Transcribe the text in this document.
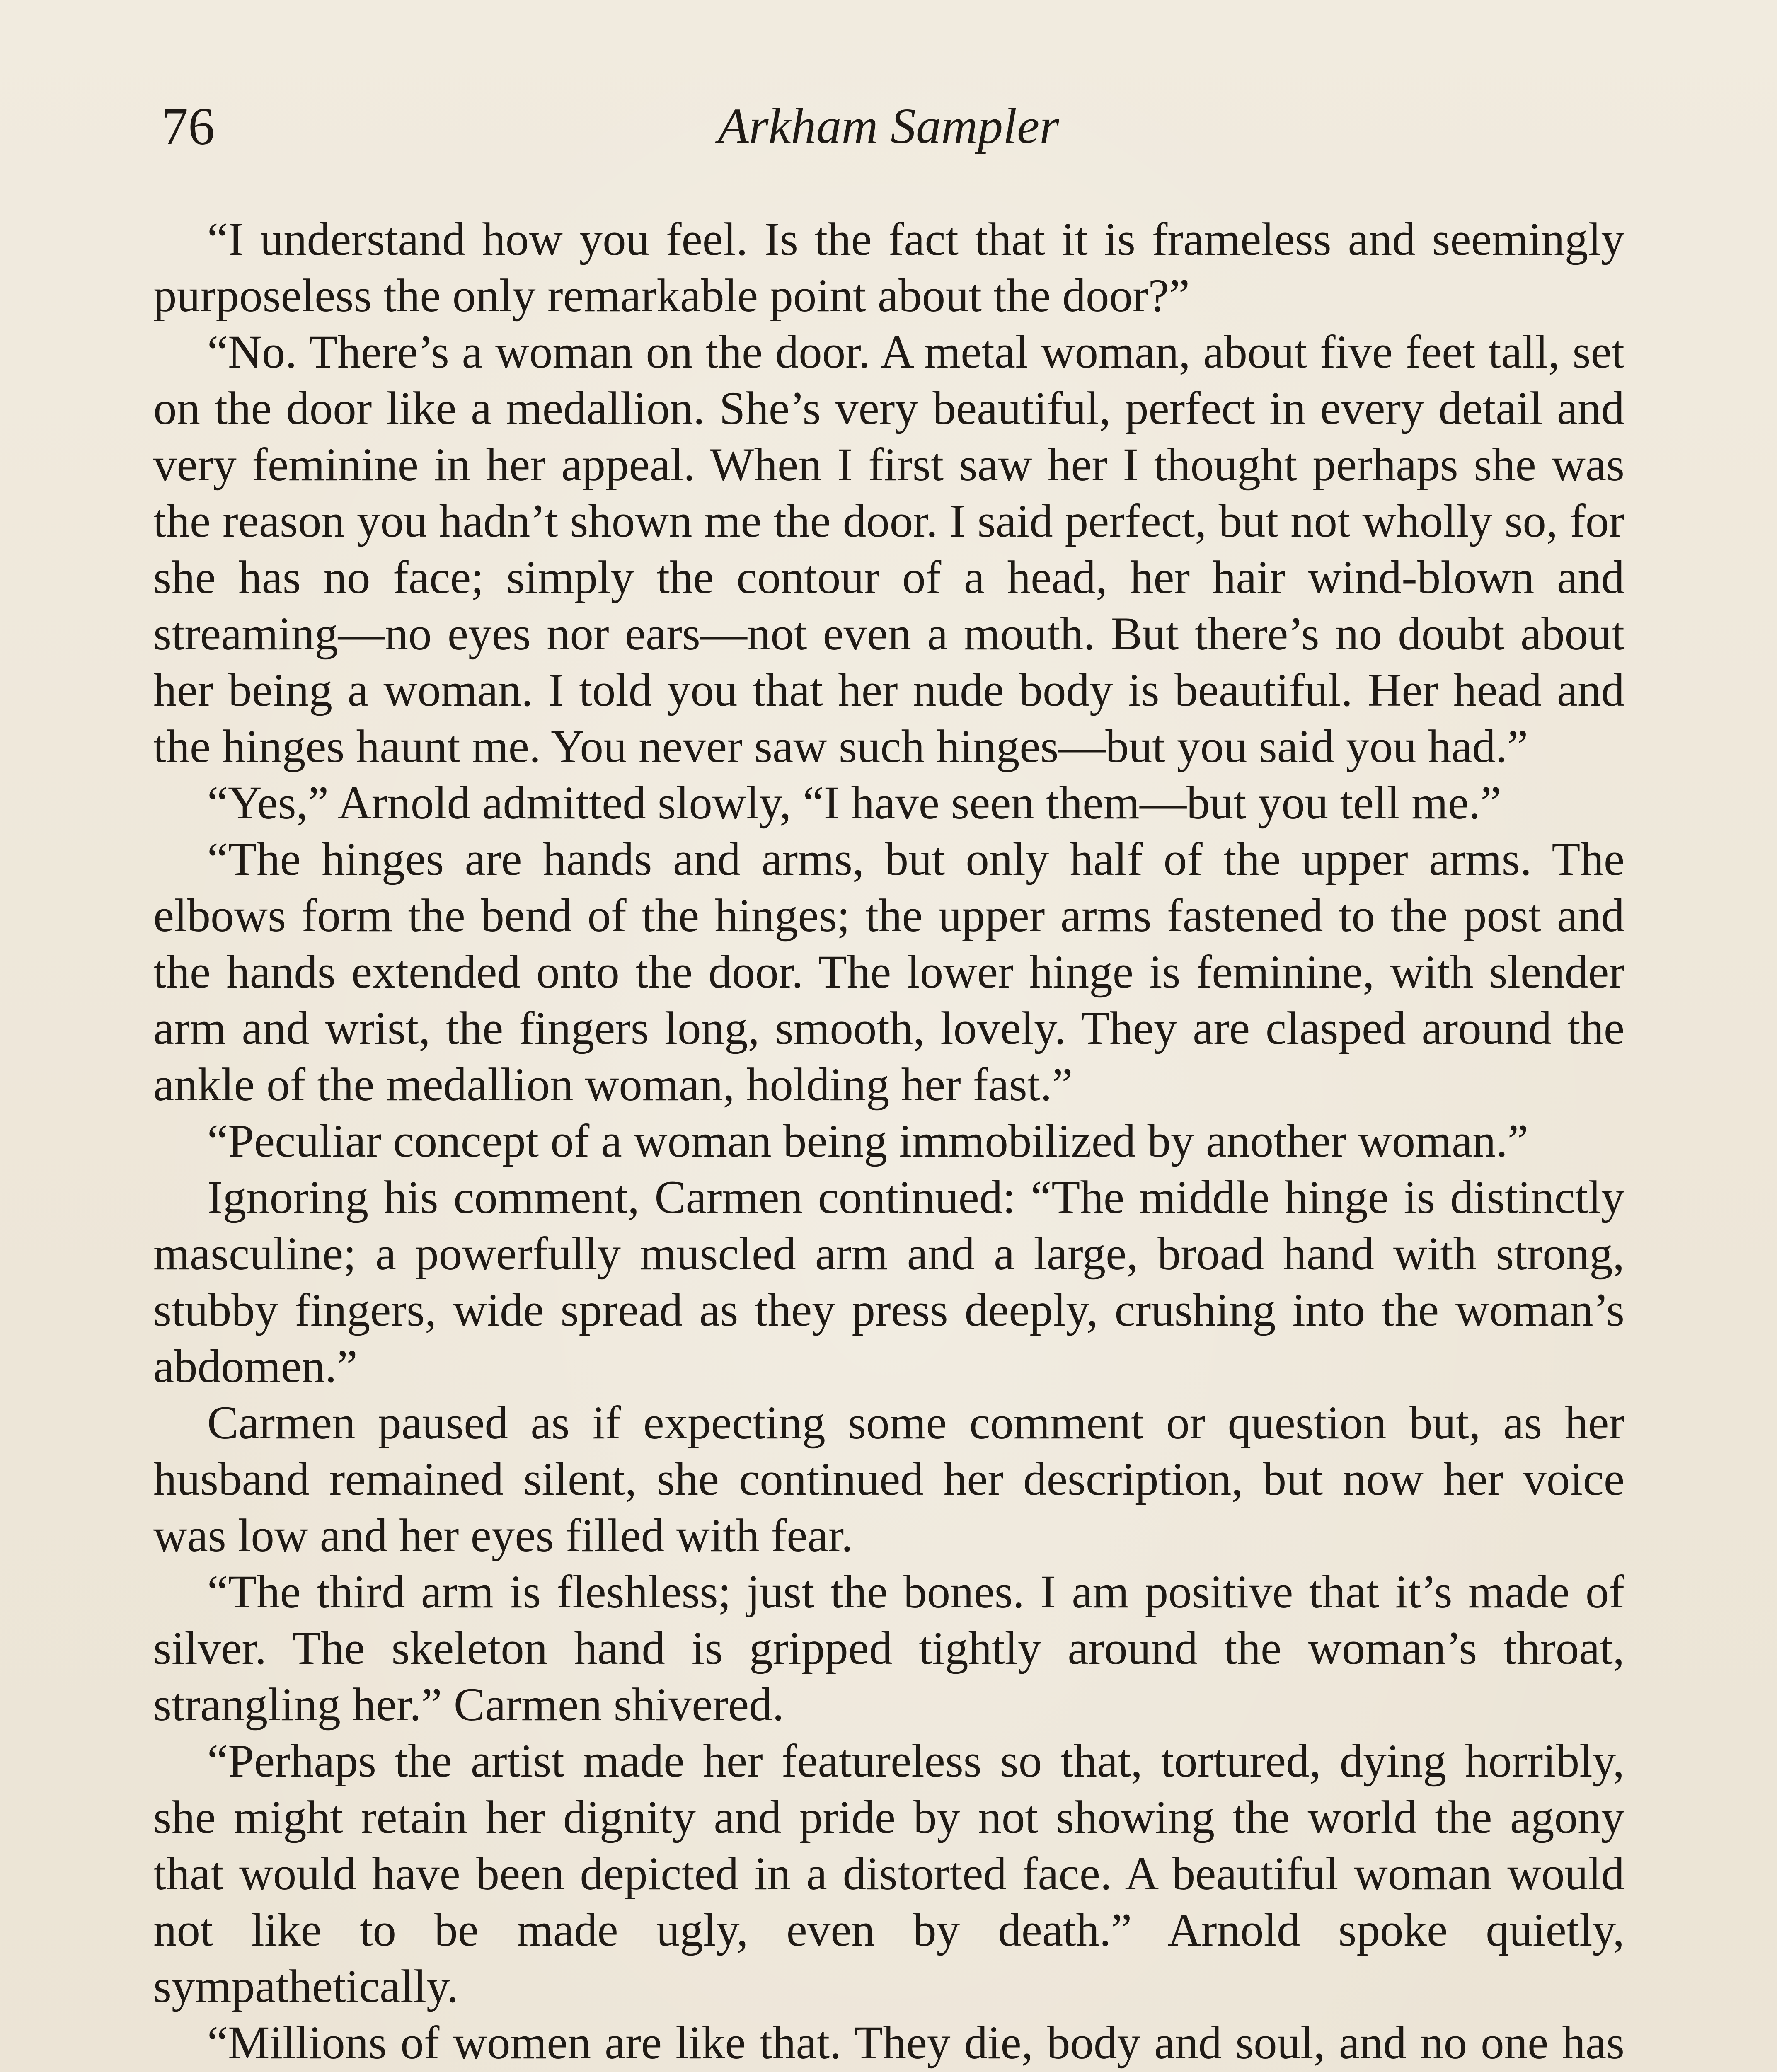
76	Arkham Sampler

“I understand how you feel. Is the fact that it is frameless and seemingly purposeless the only remarkable point about the door?”

“No. There’s a woman on the door. A metal woman, about five feet tall, set on the door like a medallion. She’s very beautiful, perfect in every detail and very feminine in her appeal. When I first saw her I thought perhaps she was the reason you hadn’t shown me the door. I said perfect, but not wholly so, for she has no face; simply the contour of a head, her hair wind-blown and streaming—no eyes nor ears—not even a mouth. But there’s no doubt about her being a woman. I told you that her nude body is beautiful. Her head and the hinges haunt me. You never saw such hinges—but you said you had.”

“Yes,” Arnold admitted slowly, “I have seen them—but you tell me.”

“The hinges are hands and arms, but only half of the upper arms. The elbows form the bend of the hinges; the upper arms fastened to the post and the hands extended onto the door. The lower hinge is feminine, with slender arm and wrist, the fingers long, smooth, lovely. They are clasped around the ankle of the medallion woman, holding her fast.”

“Peculiar concept of a woman being immobilized by another woman.”

Ignoring his comment, Carmen continued: “The middle hinge is distinctly masculine; a powerfully muscled arm and a large, broad hand with strong, stubby fingers, wide spread as they press deeply, crushing into the woman’s abdomen.”

Carmen paused as if expecting some comment or question but, as her husband remained silent, she continued her description, but now her voice was low and her eyes filled with fear.

“The third arm is fleshless; just the bones. I am positive that it’s made of silver. The skeleton hand is gripped tightly around the woman’s throat, strangling her.” Carmen shivered.

“Perhaps the artist made her featureless so that, tortured, dying horribly, she might retain her dignity and pride by not showing the world the agony that would have been depicted in a distorted face. A beautiful woman would not like to be made ugly, even by death.” Arnold spoke quietly, sympathetically.

“Millions of women are like that. They die, body and soul, and no one has
